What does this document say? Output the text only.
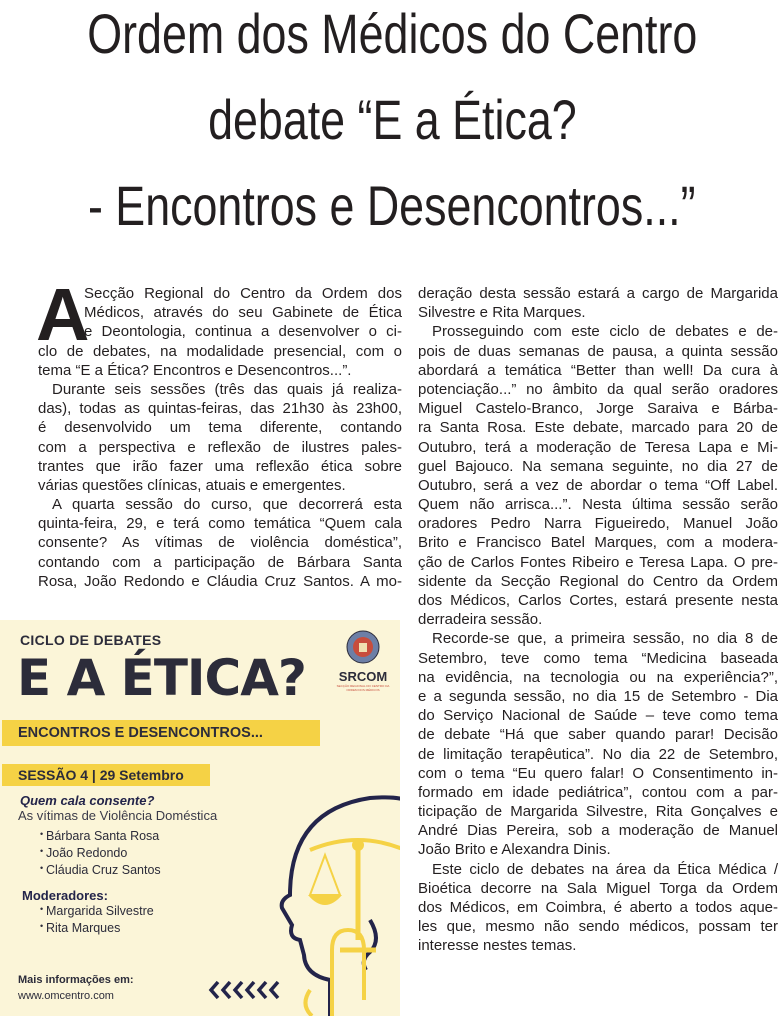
Ordem dos Médicos do Centro
debate “E a Ética?
- Encontros e Desencontros...”
A
Secção Regional do Centro da Ordem dos
Médicos, através do seu Gabinete de Ética
e Deontologia, continua a desenvolver o ci-
clo de debates, na modalidade presencial, com o
tema “E a Ética? Encontros e Desencontros...”.
Durante seis sessões (três das quais já realiza-
das), todas as quintas-feiras, das 21h30 às 23h00,
é desenvolvido um tema diferente, contando
com a perspectiva e reflexão de ilustres pales-
trantes que irão fazer uma reflexão ética sobre
várias questões clínicas, atuais e emergentes.
A quarta sessão do curso, que decorrerá esta
quinta-feira, 29, e terá como temática “Quem cala
consente? As vítimas de violência doméstica”,
contando com a participação de Bárbara Santa
Rosa, João Redondo e Cláudia Cruz Santos. A mo-
deração desta sessão estará a cargo de Margarida
Silvestre e Rita Marques.
Prosseguindo com este ciclo de debates e de-
pois de duas semanas de pausa, a quinta sessão
abordará a temática “Better than well! Da cura à
potenciação...” no âmbito da qual serão oradores
Miguel Castelo-Branco, Jorge Saraiva e Bárba-
ra Santa Rosa. Este debate, marcado para 20 de
Outubro, terá a moderação de Teresa Lapa e Mi-
guel Bajouco. Na semana seguinte, no dia 27 de
Outubro, será a vez de abordar o tema “Off Label.
Quem não arrisca...”. Nesta última sessão serão
oradores Pedro Narra Figueiredo, Manuel João
Brito e Francisco Batel Marques, com a modera-
ção de Carlos Fontes Ribeiro e Teresa Lapa. O pre-
sidente da Secção Regional do Centro da Ordem
dos Médicos, Carlos Cortes, estará presente nesta
derradeira sessão.
Recorde-se que, a primeira sessão, no dia 8 de
Setembro, teve como tema “Medicina baseada
na evidência, na tecnologia ou na experiência?”,
e a segunda sessão, no dia 15 de Setembro - Dia
do Serviço Nacional de Saúde – teve como tema
de debate “Há que saber quando parar! Decisão
de limitação terapêutica”. No dia 22 de Setembro,
com o tema “Eu quero falar! O Consentimento in-
formado em idade pediátrica”, contou com a par-
ticipação de Margarida Silvestre, Rita Gonçalves e
André Dias Pereira, sob a moderação de Manuel
João Brito e Alexandra Dinis.
Este ciclo de debates na área da Ética Médica /
Bioética decorre na Sala Miguel Torga da Ordem
dos Médicos, em Coimbra, é aberto a todos aque-
les que, mesmo não sendo médicos, possam ter
interesse nestes temas.
CICLO DE DEBATES
E A ÉTICA?	SRCOM
SECÇÃO REGIONAL DO CENTRO DA ORDEM DOS MÉDICOS
ENCONTROS E DESENCONTROS...
SESSÃO 4 | 29 Setembro
Quem cala consente?
As vítimas de Violência Doméstica
• Bárbara Santa Rosa
• João Redondo
• Cláudia Cruz Santos
Moderadores:
• Margarida Silvestre
• Rita Marques
Mais informações em:
www.omcentro.com
